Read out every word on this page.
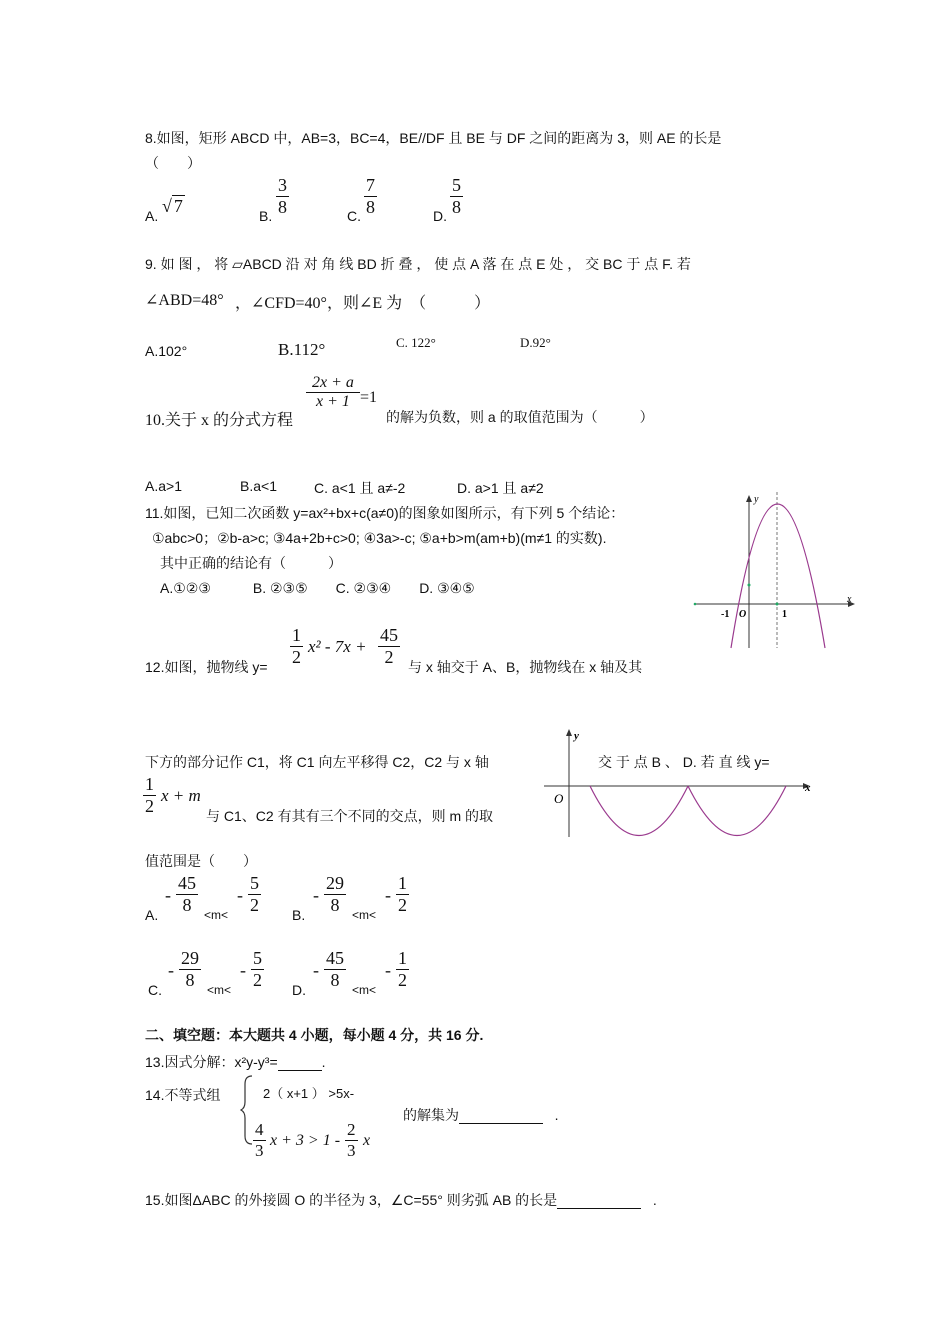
8.如图，矩形 ABCD 中，AB=3，BC=4，BE//DF 且 BE 与 DF 之间的距离为 3，则 AE 的长是
（　　）
A. √ 7	B. $\frac{3}{8}$	C. $\frac{7}{8}$	D. $\frac{5}{8}$
9. 如 图 ， 将 ▱ABCD 沿 对 角 线 BD 折 叠 ， 使 点 A 落 在 点 E 处 ， 交 BC 于 点 F. 若
∠ABD=48° ，∠CFD=40°，则∠E 为　（　　　）
A.102°	B.112°	C. 122°	D.92°
10.关于 x 的分式方程
$\frac{2x + a}{x + 1} =1$
的解为负数，则 a 的取值范围为（　　　）
A.a>1	B.a<1	C. a<1 且 a≠-2	D. a>1 且 a≠2
11.如图，已知二次函数 y=ax²+bx+c(a≠0)的图象如图所示，有下列 5 个结论：
①abc>0；②b-a>c; ③4a+2b+c>0; ④3a>-c; ⑤a+b>m(am+b)(m≠1 的实数).
其中正确的结论有（　　　）
A.①②③　　　B. ②③⑤　　C. ②③④　　D. ③④⑤
y
x
O
-1	1
12.如图，抛物线 $y= \frac{1}{2} x^2 - 7x + \frac{45}{2}$ 与 x 轴交于 A、B，抛物线在 x 轴及其
下方的部分记作 C1，将 C1 向左平移得 C2，C2 与 x 轴	交 于 点 B 、 D. 若 直 线 y=
$\frac{1}{2}$ x + m
与 C1、C2 有其有三个不同的交点，则 m 的取
值范围是（　　）
y
x
O
A.
- $\frac{45}{8} <m<$
- $\frac{5}{2} B$.
- $\frac{29}{8} <m<$
- $\frac{1}{2}$
C.
- $\frac{29}{8} <m<$
- $\frac{5}{2} D$.
- $\frac{45}{8} <m<$
- $\frac{1}{2}$
二、填空题：本大题共 4 小题，每小题 4 分，共 16 分.
13.因式分解：x²y-y³=	.
14.不等式组	2（ x+1 ） >5x-
$\frac{4}{3}$ $x + 3 > 1 - \frac{2}{3}$ x
的解集为	.
15.如图ΔABC 的外接圆 O 的半径为 3，∠C=55° 则劣弧 AB 的长是	.
